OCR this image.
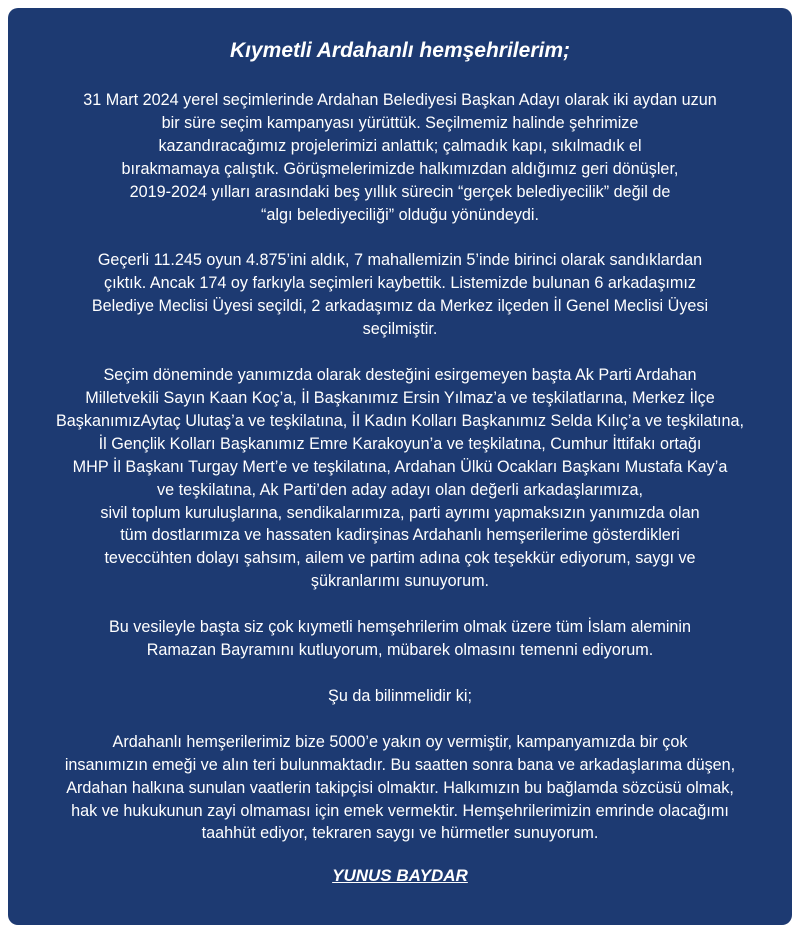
Kıymetli Ardahanlı hemşehrilerim;
31 Mart 2024 yerel seçimlerinde Ardahan Belediyesi Başkan Adayı olarak iki aydan uzun
bir süre seçim kampanyası yürüttük. Seçilmemiz halinde şehrimize
kazandıracağımız projelerimizi anlattık; çalmadık kapı, sıkılmadık el
bırakmamaya çalıştık. Görüşmelerimizde halkımızdan aldığımız geri dönüşler,
2019-2024 yılları arasındaki beş yıllık sürecin “gerçek belediyecilik” değil de
“algı belediyeciliği” olduğu yönündeydi.
Geçerli 11.245 oyun 4.875’ini aldık, 7 mahallemizin 5’inde birinci olarak sandıklardan
çıktık. Ancak 174 oy farkıyla seçimleri kaybettik. Listemizde bulunan 6 arkadaşımız
Belediye Meclisi Üyesi seçildi, 2 arkadaşımız da Merkez ilçeden İl Genel Meclisi Üyesi
seçilmiştir.
Seçim döneminde yanımızda olarak desteğini esirgemeyen başta Ak Parti Ardahan
Milletvekili Sayın Kaan Koç’a, İl Başkanımız Ersin Yılmaz’a ve teşkilatlarına, Merkez İlçe
BaşkanımızAytaç Ulutaş’a ve teşkilatına, İl Kadın Kolları Başkanımız Selda Kılıç’a ve teşkilatına,
İl Gençlik Kolları Başkanımız Emre Karakoyun’a ve teşkilatına, Cumhur İttifakı ortağı
MHP İl Başkanı Turgay Mert’e ve teşkilatına, Ardahan Ülkü Ocakları Başkanı Mustafa Kay’a
ve teşkilatına, Ak Parti’den aday adayı olan değerli arkadaşlarımıza,
sivil toplum kuruluşlarına, sendikalarımıza, parti ayrımı yapmaksızın yanımızda olan
tüm dostlarımıza ve hassaten kadirşinas Ardahanlı hemşerilerime gösterdikleri
teveccühten dolayı şahsım, ailem ve partim adına çok teşekkür ediyorum, saygı ve
şükranlarımı sunuyorum.
Bu vesileyle başta siz çok kıymetli hemşehrilerim olmak üzere tüm İslam aleminin
Ramazan Bayramını kutluyorum, mübarek olmasını temenni ediyorum.
Şu da bilinmelidir ki;
Ardahanlı hemşerilerimiz bize 5000’e yakın oy vermiştir, kampanyamızda bir çok
insanımızın emeği ve alın teri bulunmaktadır. Bu saatten sonra bana ve arkadaşlarıma düşen,
Ardahan halkına sunulan vaatlerin takipçisi olmaktır. Halkımızın bu bağlamda sözcüsü olmak,
hak ve hukukunun zayi olmaması için emek vermektir. Hemşehrilerimizin emrinde olacağımı
taahhüt ediyor, tekraren saygı ve hürmetler sunuyorum.
YUNUS BAYDAR
